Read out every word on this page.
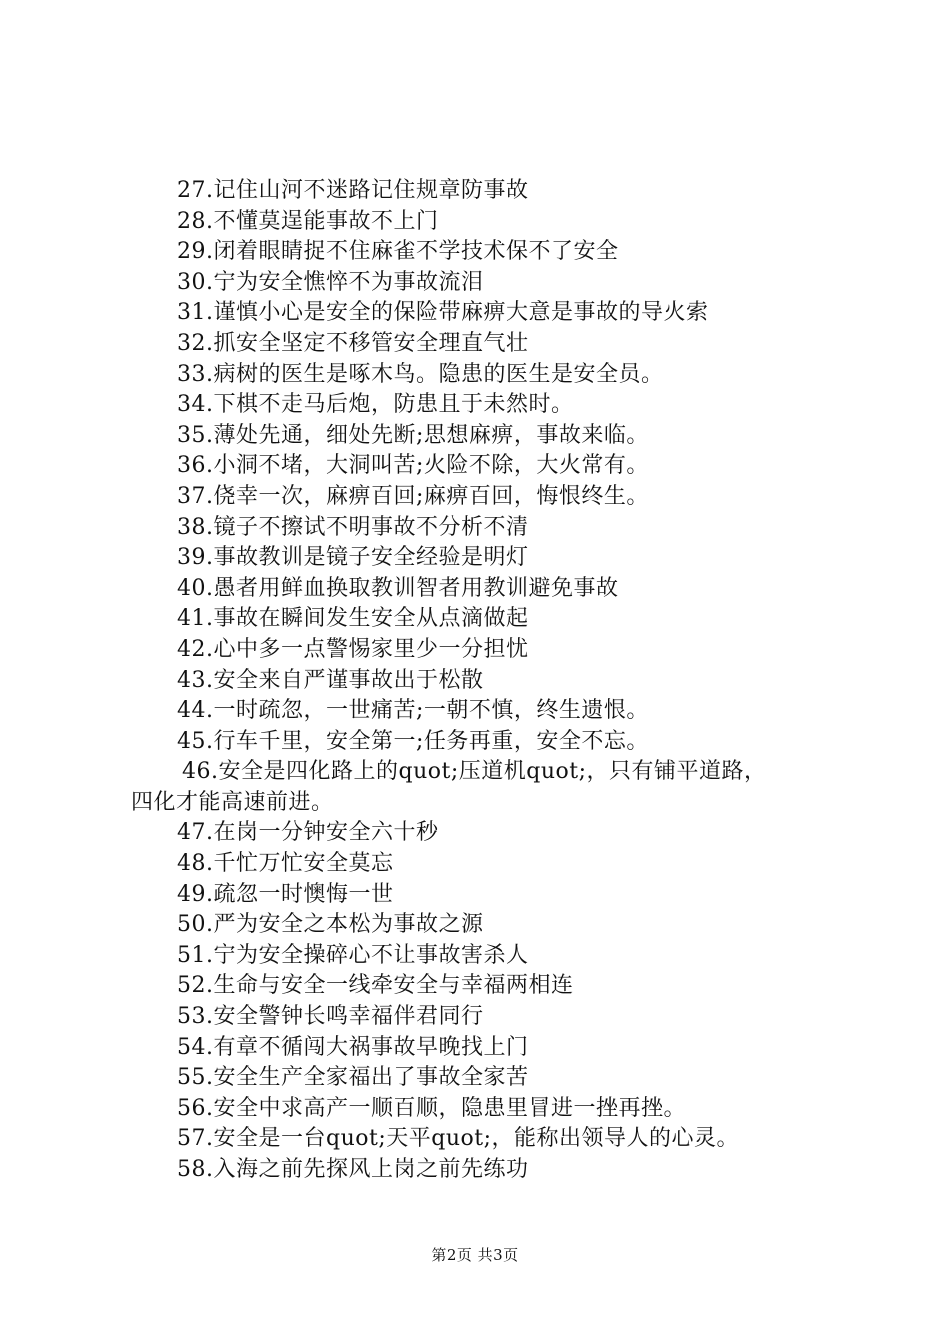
27.记住山河不迷路记住规章防事故
28.不懂莫逞能事故不上门
29.闭着眼睛捉不住麻雀不学技术保不了安全
30.宁为安全憔悴不为事故流泪
31.谨慎小心是安全的保险带麻痹大意是事故的导火索
32.抓安全坚定不移管安全理直气壮
33.病树的医生是啄木鸟。隐患的医生是安全员。
34.下棋不走马后炮，防患且于未然时。
35.薄处先通，细处先断;思想麻痹，事故来临。
36.小洞不堵，大洞叫苦;火险不除，大火常有。
37.侥幸一次，麻痹百回;麻痹百回，悔恨终生。
38.镜子不擦试不明事故不分析不清
39.事故教训是镜子安全经验是明灯
40.愚者用鲜血换取教训智者用教训避免事故
41.事故在瞬间发生安全从点滴做起
42.心中多一点警惕家里少一分担忧
43.安全来自严谨事故出于松散
44.一时疏忽，一世痛苦;一朝不慎，终生遗恨。
45.行车千里，安全第一;任务再重，安全不忘。
46.安全是四化路上的quot;压道机quot;，只有铺平道路，
四化才能高速前进。
47.在岗一分钟安全六十秒
48.千忙万忙安全莫忘
49.疏忽一时懊悔一世
50.严为安全之本松为事故之源
51.宁为安全操碎心不让事故害杀人
52.生命与安全一线牵安全与幸福两相连
53.安全警钟长鸣幸福伴君同行
54.有章不循闯大祸事故早晚找上门
55.安全生产全家福出了事故全家苦
56.安全中求高产一顺百顺，隐患里冒进一挫再挫。
57.安全是一台quot;天平quot;，能称出领导人的心灵。
58.入海之前先探风上岗之前先练功
第2页 共3页
